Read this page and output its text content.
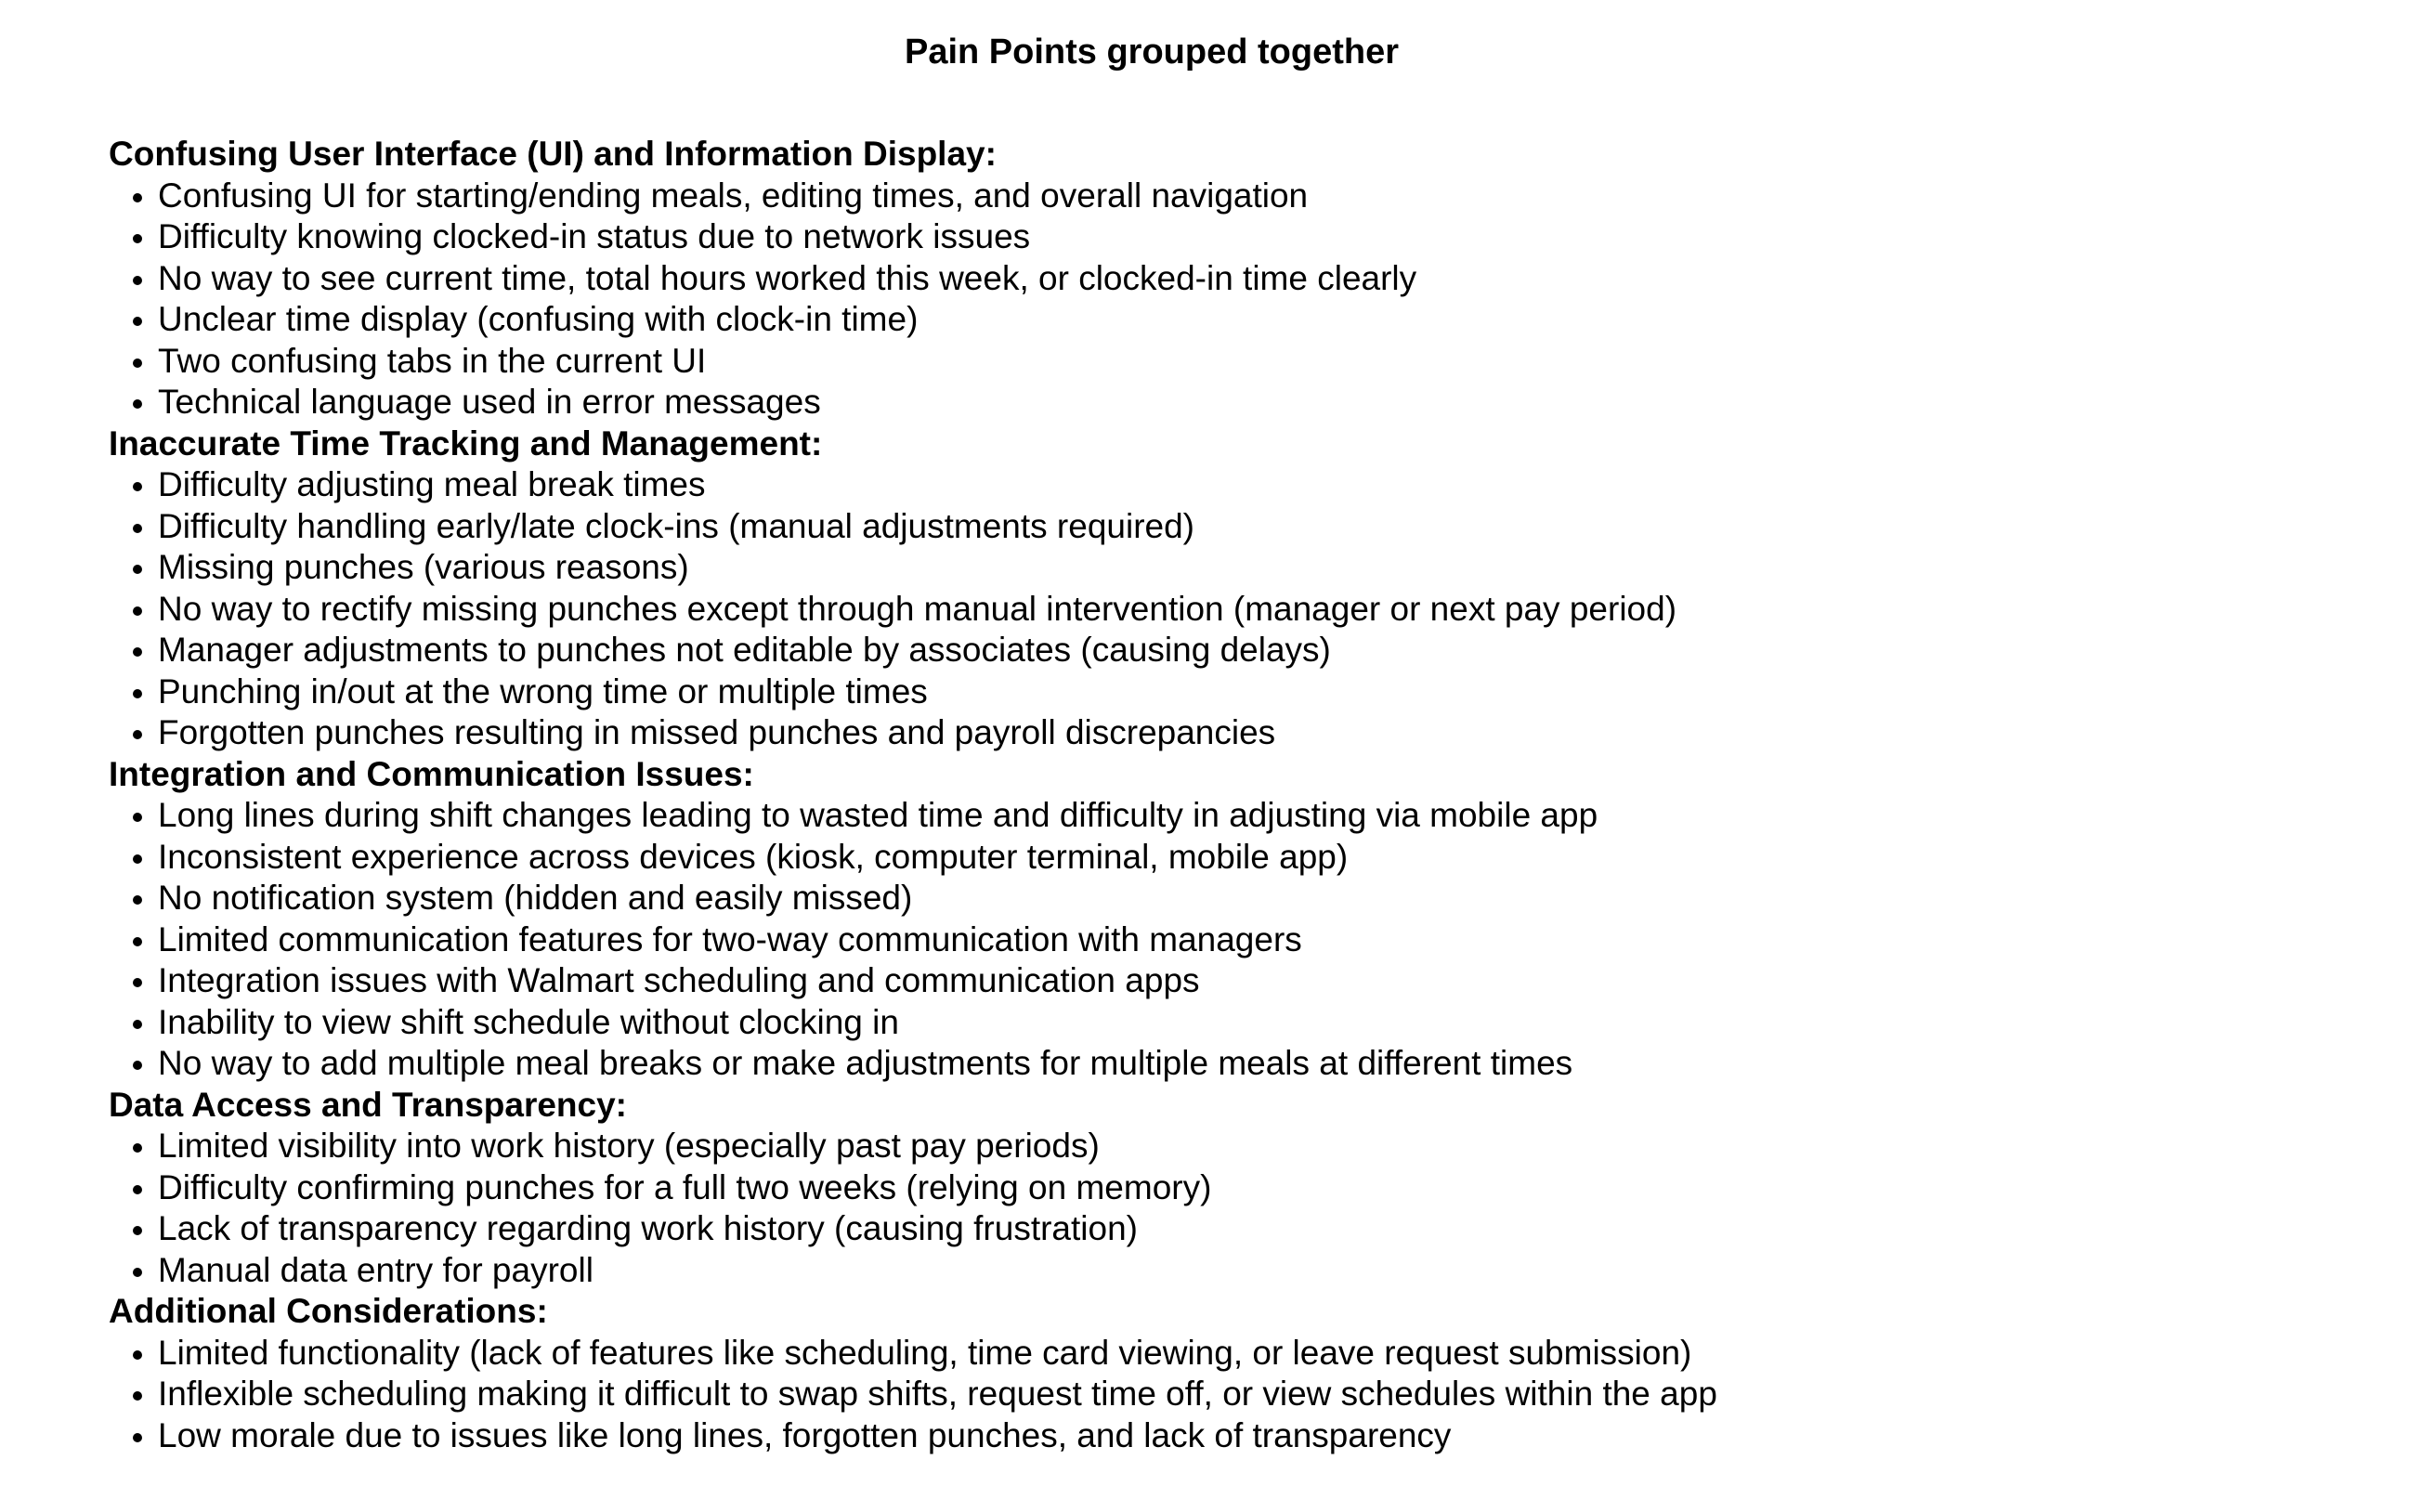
Pain Points grouped together
Confusing User Interface (UI) and Information Display:
• Confusing UI for starting/ending meals, editing times, and overall navigation
• Difficulty knowing clocked-in status due to network issues
• No way to see current time, total hours worked this week, or clocked-in time clearly
• Unclear time display (confusing with clock-in time)
• Two confusing tabs in the current UI
• Technical language used in error messages
Inaccurate Time Tracking and Management:
• Difficulty adjusting meal break times
• Difficulty handling early/late clock-ins (manual adjustments required)
• Missing punches (various reasons)
• No way to rectify missing punches except through manual intervention (manager or next pay period)
• Manager adjustments to punches not editable by associates (causing delays)
• Punching in/out at the wrong time or multiple times
• Forgotten punches resulting in missed punches and payroll discrepancies
Integration and Communication Issues:
• Long lines during shift changes leading to wasted time and difficulty in adjusting via mobile app
• Inconsistent experience across devices (kiosk, computer terminal, mobile app)
• No notification system (hidden and easily missed)
• Limited communication features for two-way communication with managers
• Integration issues with Walmart scheduling and communication apps
• Inability to view shift schedule without clocking in
• No way to add multiple meal breaks or make adjustments for multiple meals at different times
Data Access and Transparency:
• Limited visibility into work history (especially past pay periods)
• Difficulty confirming punches for a full two weeks (relying on memory)
• Lack of transparency regarding work history (causing frustration)
• Manual data entry for payroll
Additional Considerations:
• Limited functionality (lack of features like scheduling, time card viewing, or leave request submission)
• Inflexible scheduling making it difficult to swap shifts, request time off, or view schedules within the app
• Low morale due to issues like long lines, forgotten punches, and lack of transparency
